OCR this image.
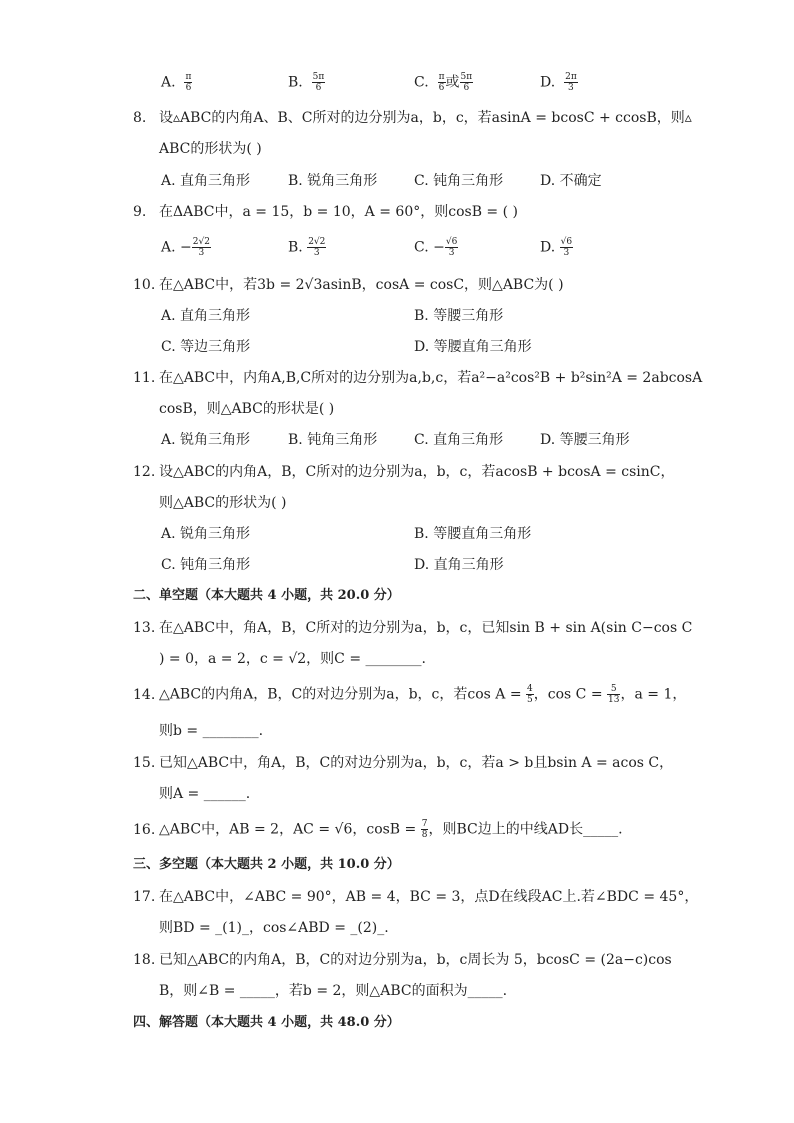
A. $\frac{\pi}{6}$	B. $\frac{5\pi}{6}$	C. $\frac{\pi}{6}$ 或 $\frac{5\pi}{6}$	D. $\frac{2\pi}{3}$
8. 设▵ABC的内角A、B、C所对的边分别为a，b，c，若asinA = bcosC + ccosB，则▵
ABC的形状为( )
A. 直角三角形	B. 锐角三角形	C. 钝角三角形	D. 不确定
9. 在ΔABC中，a = 15，b = 10，A = 60°，则cosB = ( )
A. − $\frac{2√2}{3}$	B. $\frac{2√2}{3}$	C. − $\frac{√6}{3}$	D. $\frac{√6}{3}$
10. 在△ABC中，若3b = 2√3asinB，cosA = cosC，则△ABC为( )
A. 直角三角形	B. 等腰三角形
C. 等边三角形	D. 等腰直角三角形
11. 在△ABC中，内角A,B,C所对的边分别为a,b,c，若a²−a²cos²B + b²sin²A = 2abcosA
cosB，则△ABC的形状是( )
A. 锐角三角形	B. 钝角三角形	C. 直角三角形	D. 等腰三角形
12. 设△ABC的内角A，B，C所对的边分别为a，b，c，若acosB + bcosA = csinC，
则△ABC的形状为( )
A. 锐角三角形	B. 等腰直角三角形
C. 钝角三角形	D. 直角三角形
二、单空题（本大题共 4 小题，共 20.0 分）
13. 在△ABC中，角A，B，C所对的边分别为a，b，c，已知sin B + sin A(sin C−cos C
) = 0，a = 2，c = √2，则C = ________.
14. △ABC的内角A，B，C的对边分别为a，b，c，若$\cos A = \frac{4}{5}$ ，$\cos C = \frac{5}{13}$ ，a = 1，
则b = ________.
15. 已知△ABC中，角A，B，C的对边分别为a，b，c，若a > b且bsin A = acos C，
则A = ______.
16. △ABC中，AB = 2，AC = √6，$\cos B = \frac{7}{8}$ ，则BC边上的中线AD长_____.
三、多空题（本大题共 2 小题，共 10.0 分）
17. 在△ABC中，∠ABC = 90°，AB = 4，BC = 3，点D在线段AC上.若∠BDC = 45°，
则BD = _(1)_，cos∠ABD = _(2)_.
18. 已知△ABC的内角A，B，C的对边分别为a，b，c周长为 5，bcosC = (2a−c)cos
B，则∠B = _____，若b = 2，则△ABC的面积为_____.
四、解答题（本大题共 4 小题，共 48.0 分）
